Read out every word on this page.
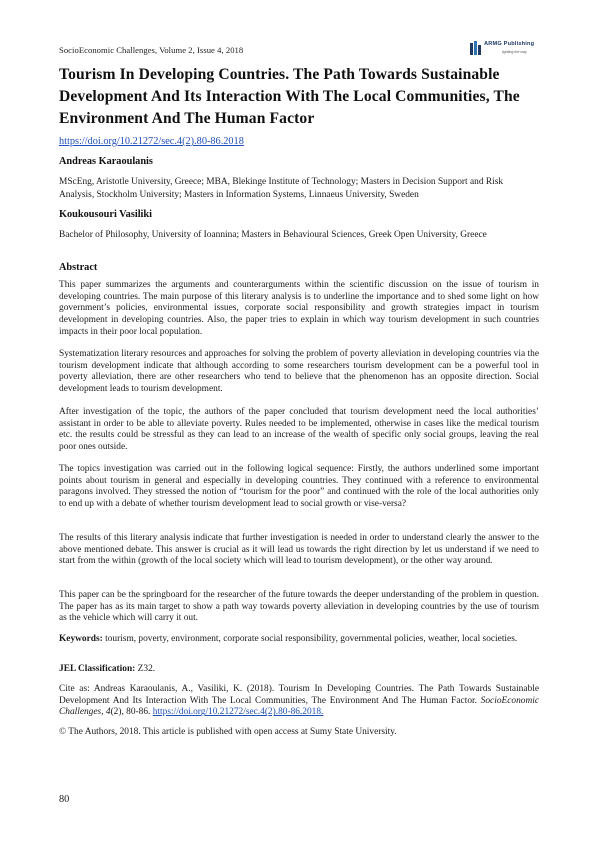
SocioEconomic Challenges, Volume 2, Issue 4, 2018
ARMG Publishing
lighting the way
Tourism In Developing Countries. The Path Towards Sustainable Development And Its Interaction With The Local Communities, The Environment And The Human Factor
https://doi.org/10.21272/sec.4(2).80-86.2018
Andreas Karaoulanis
MScEng, Aristotle University, Greece; MBA, Blekinge Institute of Technology; Masters in Decision Support and Risk Analysis, Stockholm University; Masters in Information Systems, Linnaeus University, Sweden
Koukousouri Vasiliki
Bachelor of Philosophy, University of Ioannina; Masters in Behavioural Sciences, Greek Open University, Greece
Abstract

This paper summarizes the arguments and counterarguments within the scientific discussion on the issue of tourism in developing countries. The main purpose of this literary analysis is to underline the importance and to shed some light on how government’s policies, environmental issues, corporate social responsibility and growth strategies impact in tourism development in developing countries. Also, the paper tries to explain in which way tourism development in such countries impacts in their poor local population.

Systematization literary resources and approaches for solving the problem of poverty alleviation in developing countries via the tourism development indicate that although according to some researchers tourism development can be a powerful tool in poverty alleviation, there are other researchers who tend to believe that the phenomenon has an opposite direction. Social development leads to tourism development.

After investigation of the topic, the authors of the paper concluded that tourism development need the local authorities’ assistant in order to be able to alleviate poverty. Rules needed to be implemented, otherwise in cases like the medical tourism etc. the results could be stressful as they can lead to an increase of the wealth of specific only social groups, leaving the real poor ones outside.

The topics investigation was carried out in the following logical sequence: Firstly, the authors underlined some important points about tourism in general and especially in developing countries. They continued with a reference to environmental paragons involved. They stressed the notion of “tourism for the poor” and continued with the role of the local authorities only to end up with a debate of whether tourism development lead to social growth or vise-versa?

The results of this literary analysis indicate that further investigation is needed in order to understand clearly the answer to the above mentioned debate. This answer is crucial as it will lead us towards the right direction by let us understand if we need to start from the within (growth of the local society which will lead to tourism development), or the other way around.

This paper can be the springboard for the researcher of the future towards the deeper understanding of the problem in question. The paper has as its main target to show a path way towards poverty alleviation in developing countries by the use of tourism as the vehicle which will carry it out.

Keywords: tourism, poverty, environment, corporate social responsibility, governmental policies, weather, local societies.

JEL Classification: Z32.

Cite as: Andreas Karaoulanis, A., Vasiliki, K. (2018). Tourism In Developing Countries. The Path Towards Sustainable Development And Its Interaction With The Local Communities, The Environment And The Human Factor. SocioEconomic Challenges, 4(2), 80-86. https://doi.org/10.21272/sec.4(2).80-86.2018.

© The Authors, 2018. This article is published with open access at Sumy State University.

80
